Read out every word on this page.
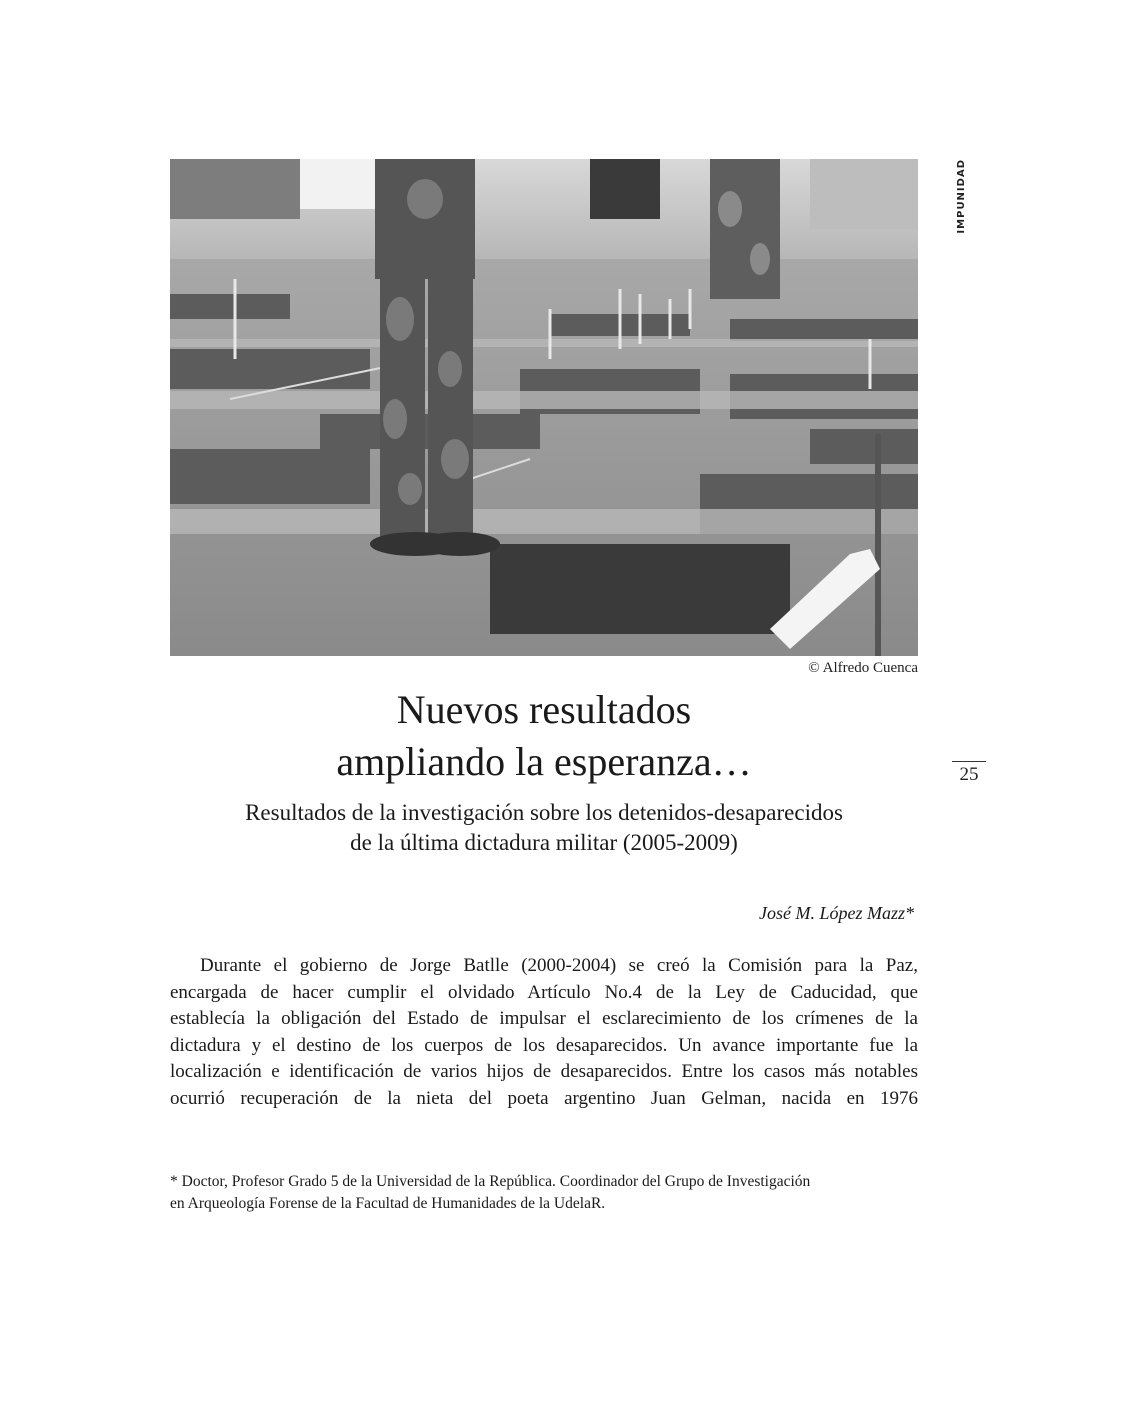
© Alfredo Cuenca
IMPUNIDAD
25
Nuevos resultados
ampliando la esperanza…
Resultados de la investigación sobre los detenidos-desaparecidos
de la última dictadura militar (2005-2009)
José M. López Mazz*
Durante el gobierno de Jorge Batlle (2000-2004) se creó la Comisión para la Paz,
encargada de hacer cumplir el olvidado Artículo No.4 de la Ley de Caducidad, que
establecía la obligación del Estado de impulsar el esclarecimiento de los crímenes de la
dictadura y el destino de los cuerpos de los desaparecidos. Un avance importante fue la
localización e identificación de varios hijos de desaparecidos. Entre los casos más notables
ocurrió recuperación de la nieta del poeta argentino Juan Gelman, nacida en 1976
* Doctor, Profesor Grado 5 de la Universidad de la República. Coordinador del Grupo de Investigación
en Arqueología Forense de la Facultad de Humanidades de la UdelaR.
